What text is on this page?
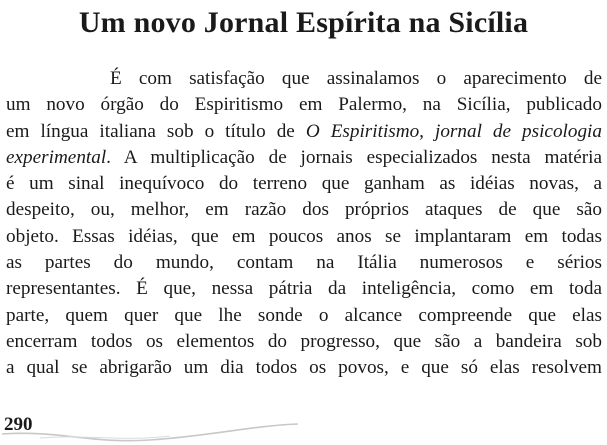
Um novo Jornal Espírita na Sicília
É com satisfação que assinalamos o aparecimento de
um novo órgão do Espiritismo em Palermo, na Sicília, publicado
em língua italiana sob o título de O Espiritismo, jornal de psicologia
experimental. A multiplicação de jornais especializados nesta matéria
é um sinal inequívoco do terreno que ganham as idéias novas, a
despeito, ou, melhor, em razão dos próprios ataques de que são
objeto. Essas idéias, que em poucos anos se implantaram em todas
as partes do mundo, contam na Itália numerosos e sérios
representantes. É que, nessa pátria da inteligência, como em toda
parte, quem quer que lhe sonde o alcance compreende que elas
encerram todos os elementos do progresso, que são a bandeira sob
a qual se abrigarão um dia todos os povos, e que só elas resolvem
290
